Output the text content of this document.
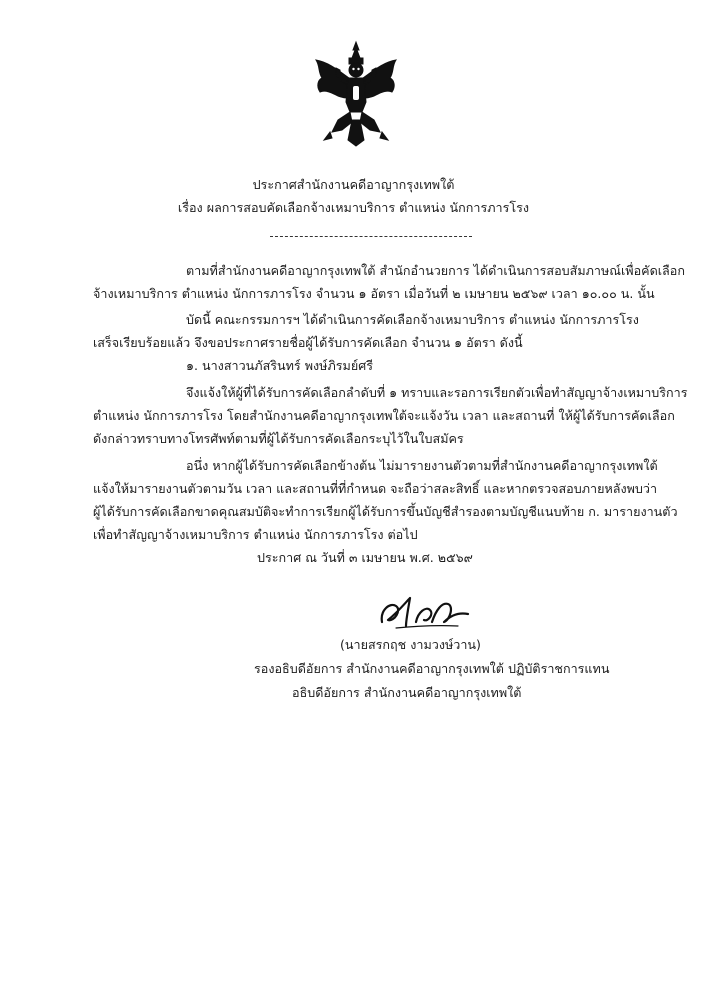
ประกาศสำนักงานคดีอาญากรุงเทพใต้
เรื่อง ผลการสอบคัดเลือกจ้างเหมาบริการ ตำแหน่ง นักการภารโรง
ตามที่สำนักงานคดีอาญากรุงเทพใต้ สำนักอำนวยการ ได้ดำเนินการสอบสัมภาษณ์เพื่อคัดเลือก
จ้างเหมาบริการ ตำแหน่ง นักการภารโรง จำนวน ๑ อัตรา เมื่อวันที่ ๒ เมษายน ๒๕๖๙ เวลา ๑๐.๐๐ น. นั้น
บัดนี้ คณะกรรมการฯ ได้ดำเนินการคัดเลือกจ้างเหมาบริการ ตำแหน่ง นักการภารโรง
เสร็จเรียบร้อยแล้ว จึงขอประกาศรายชื่อผู้ได้รับการคัดเลือก จำนวน ๑ อัตรา ดังนี้
๑. นางสาวนภัสรินทร์ พงษ์ภิรมย์ศรี
จึงแจ้งให้ผู้ที่ได้รับการคัดเลือกลำดับที่ ๑ ทราบและรอการเรียกตัวเพื่อทำสัญญาจ้างเหมาบริการ
ตำแหน่ง นักการภารโรง โดยสำนักงานคดีอาญากรุงเทพใต้จะแจ้งวัน เวลา และสถานที่ ให้ผู้ได้รับการคัดเลือก
ดังกล่าวทราบทางโทรศัพท์ตามที่ผู้ได้รับการคัดเลือกระบุไว้ในใบสมัคร
อนึ่ง หากผู้ได้รับการคัดเลือกข้างต้น ไม่มารายงานตัวตามที่สำนักงานคดีอาญากรุงเทพใต้
แจ้งให้มารายงานตัวตามวัน เวลา และสถานที่ที่กำหนด จะถือว่าสละสิทธิ์ และหากตรวจสอบภายหลังพบว่า
ผู้ได้รับการคัดเลือกขาดคุณสมบัติจะทำการเรียกผู้ได้รับการขึ้นบัญชีสำรองตามบัญชีแนบท้าย ก. มารายงานตัว
เพื่อทำสัญญาจ้างเหมาบริการ ตำแหน่ง นักการภารโรง ต่อไป
ประกาศ ณ วันที่ ๓ เมษายน พ.ศ. ๒๕๖๙
(นายสรกฤช งามวงษ์วาน)
รองอธิบดีอัยการ สำนักงานคดีอาญากรุงเทพใต้ ปฏิบัติราชการแทน
อธิบดีอัยการ สำนักงานคดีอาญากรุงเทพใต้
